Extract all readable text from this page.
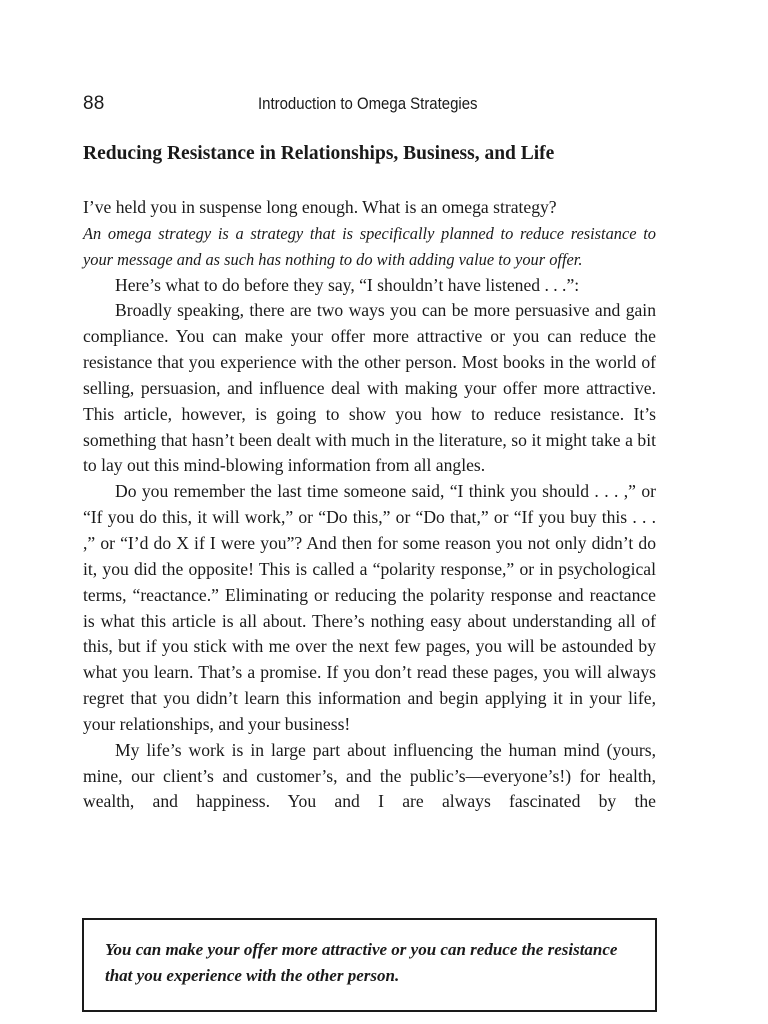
88	Introduction to Omega Strategies
Reducing Resistance in Relationships, Business, and Life

I’ve held you in suspense long enough. What is an omega strategy?

An omega strategy is a strategy that is specifically planned to reduce resistance to your message and as such has nothing to do with adding value to your offer.

Here’s what to do before they say, “I shouldn’t have listened . . .”:

Broadly speaking, there are two ways you can be more persuasive and gain compliance. You can make your offer more attractive or you can reduce the resistance that you experience with the other person. Most books in the world of selling, persuasion, and influence deal with making your offer more attractive. This article, however, is going to show you how to reduce resistance. It’s something that hasn’t been dealt with much in the literature, so it might take a bit to lay out this mind-blowing information from all angles.

Do you remember the last time someone said, “I think you should . . . ,” or “If you do this, it will work,” or “Do this,” or “Do that,” or “If you buy this . . . ,” or “I’d do X if I were you”? And then for some reason you not only didn’t do it, you did the opposite! This is called a “polarity response,” or in psychological terms, “reactance.” Eliminating or reducing the polarity response and reactance is what this article is all about. There’s nothing easy about understanding all of this, but if you stick with me over the next few pages, you will be astounded by what you learn. That’s a promise. If you don’t read these pages, you will always regret that you didn’t learn this information and begin applying it in your life, your relationships, and your business!

My life’s work is in large part about influencing the human mind (yours, mine, our client’s and customer’s, and the public’s—everyone’s!) for health, wealth, and happiness. You and I are always fascinated by the

You can make your offer more attractive or you can reduce the resistance that you experience with the other person.
